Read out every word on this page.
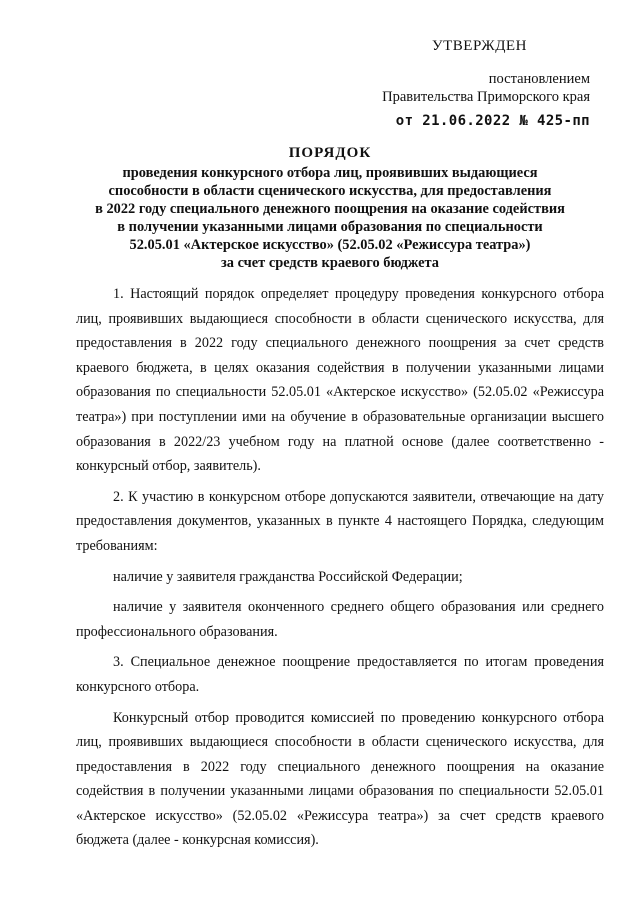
УТВЕРЖДЕН
постановлением
Правительства Приморского края
от 21.06.2022 № 425-пп
ПОРЯДОК
проведения конкурсного отбора лиц, проявивших выдающиеся
способности в области сценического искусства, для предоставления
в 2022 году специального денежного поощрения на оказание содействия
в получении указанными лицами образования по специальности
52.05.01 «Актерское искусство» (52.05.02 «Режиссура театра»)
за счет средств краевого бюджета

1. Настоящий порядок определяет процедуру проведения конкурсного отбора лиц, проявивших выдающиеся способности в области сценического искусства, для предоставления в 2022 году специального денежного поощрения за счет средств краевого бюджета, в целях оказания содействия в получении указанными лицами образования по специальности 52.05.01 «Актерское искусство» (52.05.02 «Режиссура театра») при поступлении ими на обучение в образовательные организации высшего образования в 2022/23 учебном году на платной основе (далее соответственно - конкурсный отбор, заявитель).

2. К участию в конкурсном отборе допускаются заявители, отвечающие на дату предоставления документов, указанных в пункте 4 настоящего Порядка, следующим требованиям:

наличие у заявителя гражданства Российской Федерации;

наличие у заявителя оконченного среднего общего образования или среднего профессионального образования.

3. Специальное денежное поощрение предоставляется по итогам проведения конкурсного отбора.

Конкурсный отбор проводится комиссией по проведению конкурсного отбора лиц, проявивших выдающиеся способности в области сценического искусства, для предоставления в 2022 году специального денежного поощрения на оказание содействия в получении указанными лицами образования по специальности 52.05.01 «Актерское искусство» (52.05.02 «Режиссура театра») за счет средств краевого бюджета (далее - конкурсная комиссия).
